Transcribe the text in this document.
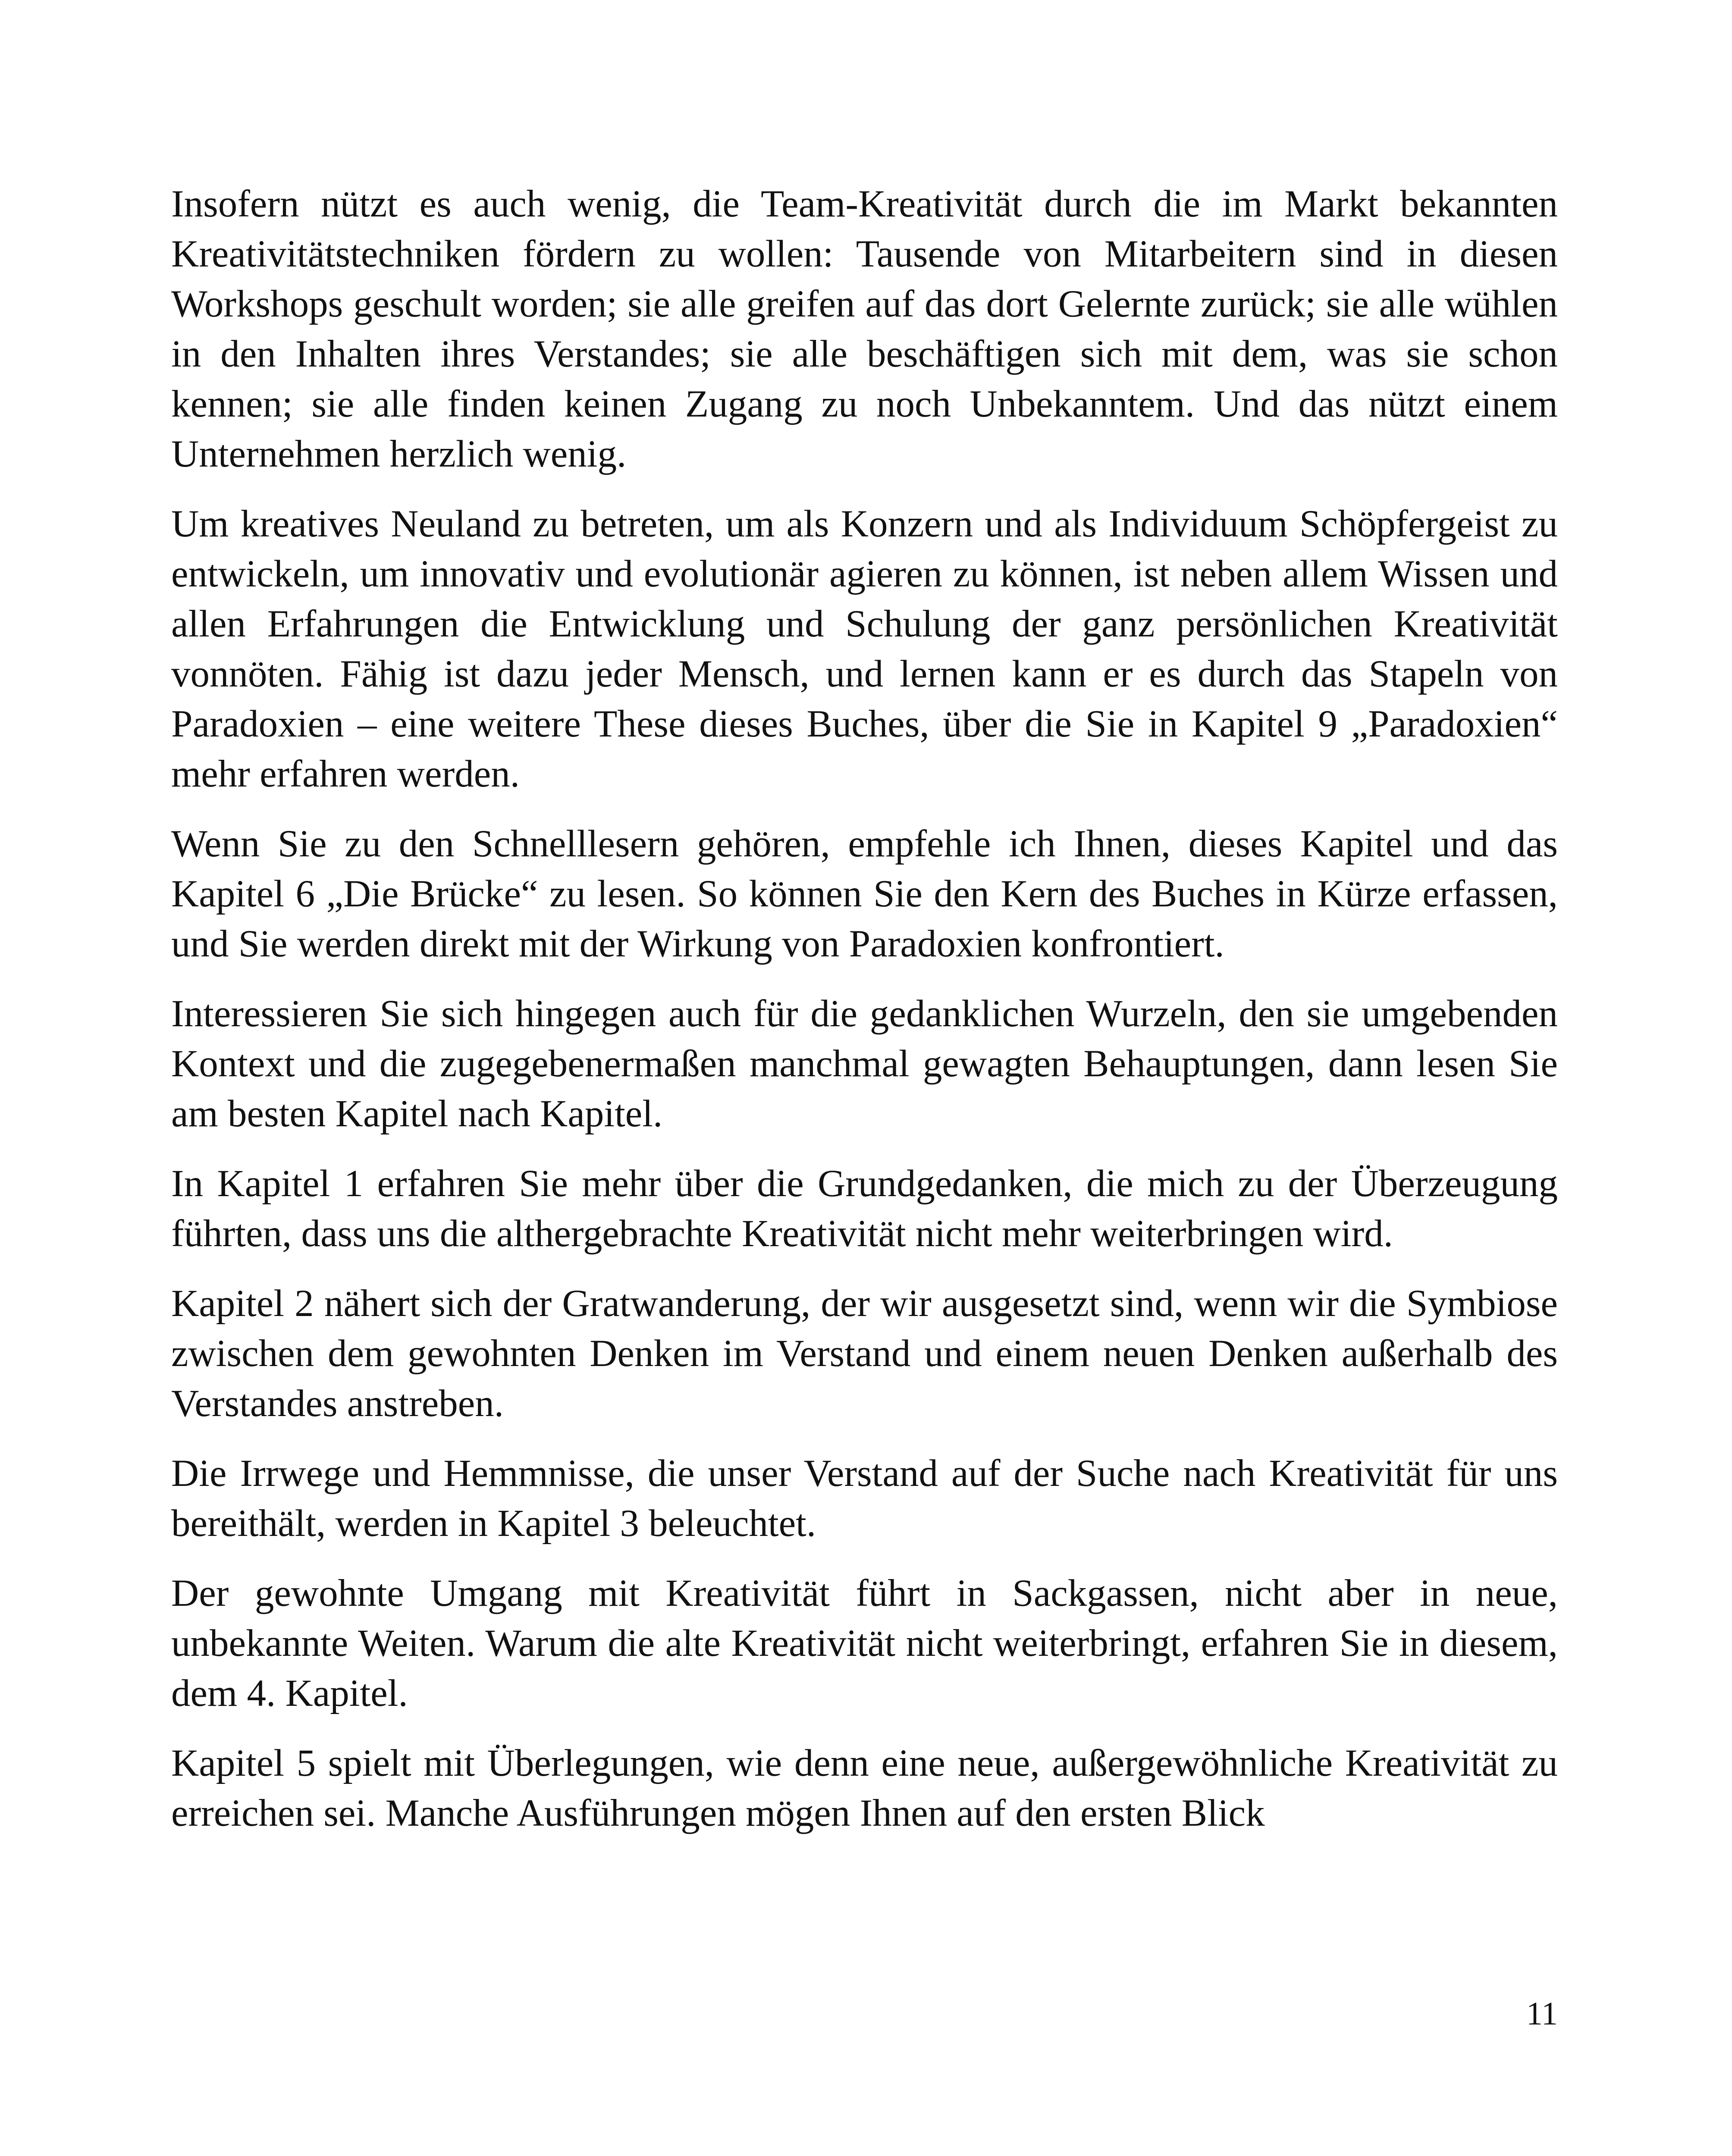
Insofern nützt es auch wenig, die Team-Kreativität durch die im Markt bekannten Kreativitätstechniken fördern zu wollen: Tausende von Mitarbeitern sind in diesen Workshops geschult worden; sie alle greifen auf das dort Gelernte zurück; sie alle wühlen in den Inhalten ihres Verstandes; sie alle beschäftigen sich mit dem, was sie schon kennen; sie alle finden keinen Zugang zu noch Unbekanntem. Und das nützt einem Unternehmen herzlich wenig.

Um kreatives Neuland zu betreten, um als Konzern und als Individuum Schöpfergeist zu entwickeln, um innovativ und evolutionär agieren zu können, ist neben allem Wissen und allen Erfahrungen die Entwicklung und Schulung der ganz persönlichen Kreativität vonnöten. Fähig ist dazu jeder Mensch, und lernen kann er es durch das Stapeln von Paradoxien – eine weitere These dieses Buches, über die Sie in Kapitel 9 „Paradoxien“ mehr erfahren werden.

Wenn Sie zu den Schnelllesern gehören, empfehle ich Ihnen, dieses Kapitel und das Kapitel 6 „Die Brücke“ zu lesen. So können Sie den Kern des Buches in Kürze erfassen, und Sie werden direkt mit der Wirkung von Paradoxien konfrontiert.

Interessieren Sie sich hingegen auch für die gedanklichen Wurzeln, den sie umgebenden Kontext und die zugegebenermaßen manchmal gewagten Behauptungen, dann lesen Sie am besten Kapitel nach Kapitel.

In Kapitel 1 erfahren Sie mehr über die Grundgedanken, die mich zu der Überzeugung führten, dass uns die althergebrachte Kreativität nicht mehr weiterbringen wird.

Kapitel 2 nähert sich der Gratwanderung, der wir ausgesetzt sind, wenn wir die Symbiose zwischen dem gewohnten Denken im Verstand und einem neuen Denken außerhalb des Verstandes anstreben.

Die Irrwege und Hemmnisse, die unser Verstand auf der Suche nach Kreativität für uns bereithält, werden in Kapitel 3 beleuchtet.

Der gewohnte Umgang mit Kreativität führt in Sackgassen, nicht aber in neue, unbekannte Weiten. Warum die alte Kreativität nicht weiterbringt, erfahren Sie in diesem, dem 4. Kapitel.

Kapitel 5 spielt mit Überlegungen, wie denn eine neue, außergewöhnliche Kreativität zu erreichen sei. Manche Ausführungen mögen Ihnen auf den ersten Blick

11
